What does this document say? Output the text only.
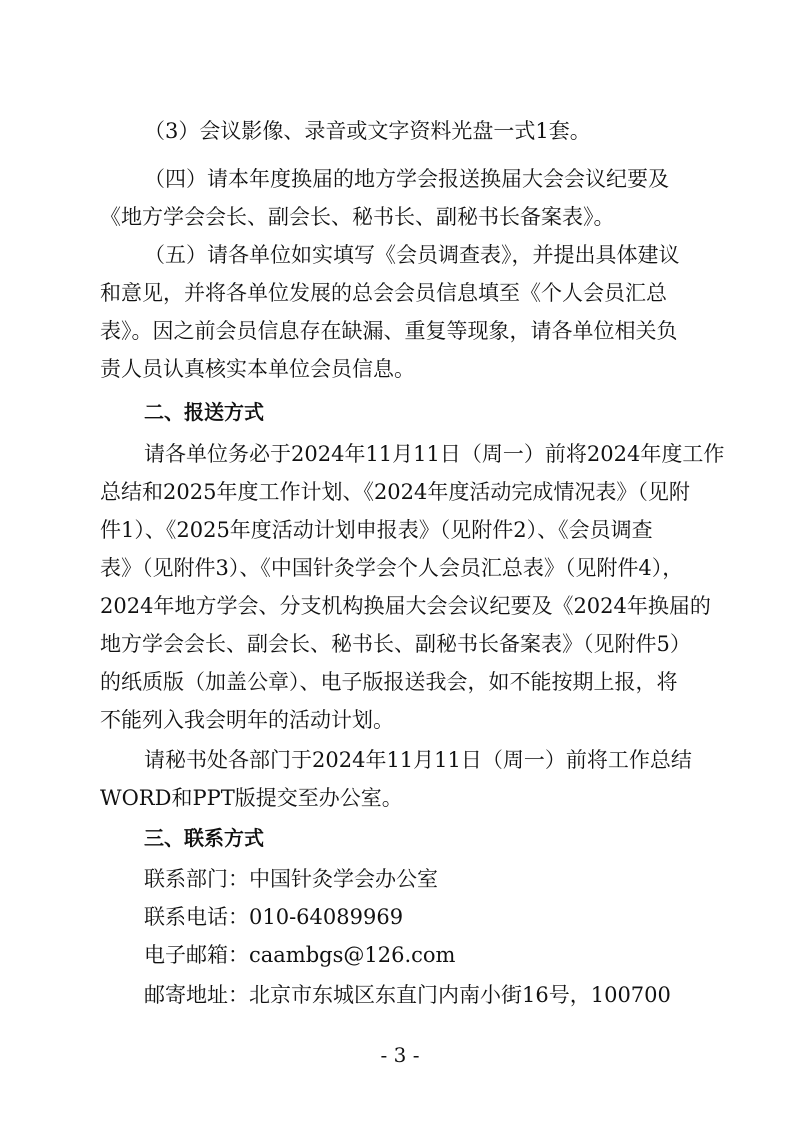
（3）会议影像、录音或文字资料光盘一式1套。
（四）请本年度换届的地方学会报送换届大会会议纪要及
《地方学会会长、副会长、秘书长、副秘书长备案表》。
（五）请各单位如实填写《会员调查表》，并提出具体建议
和意见，并将各单位发展的总会会员信息填至《个人会员汇总
表》。因之前会员信息存在缺漏、重复等现象，请各单位相关负
责人员认真核实本单位会员信息。
二、报送方式
请各单位务必于2024年11月11日（周一）前将2024年度工作
总结和2025年度工作计划、《2024年度活动完成情况表》（见附
件1）、《2025年度活动计划申报表》（见附件2）、《会员调查
表》（见附件3）、《中国针灸学会个人会员汇总表》（见附件4），
2024年地方学会、分支机构换届大会会议纪要及《2024年换届的
地方学会会长、副会长、秘书长、副秘书长备案表》（见附件5）
的纸质版（加盖公章）、电子版报送我会，如不能按期上报，将
不能列入我会明年的活动计划。
请秘书处各部门于2024年11月11日（周一）前将工作总结
WORD和PPT版提交至办公室。
三、联系方式
联系部门：中国针灸学会办公室
联系电话：010-64089969
电子邮箱：caambgs@126.com
邮寄地址：北京市东城区东直门内南小街16号，100700
- 3 -
